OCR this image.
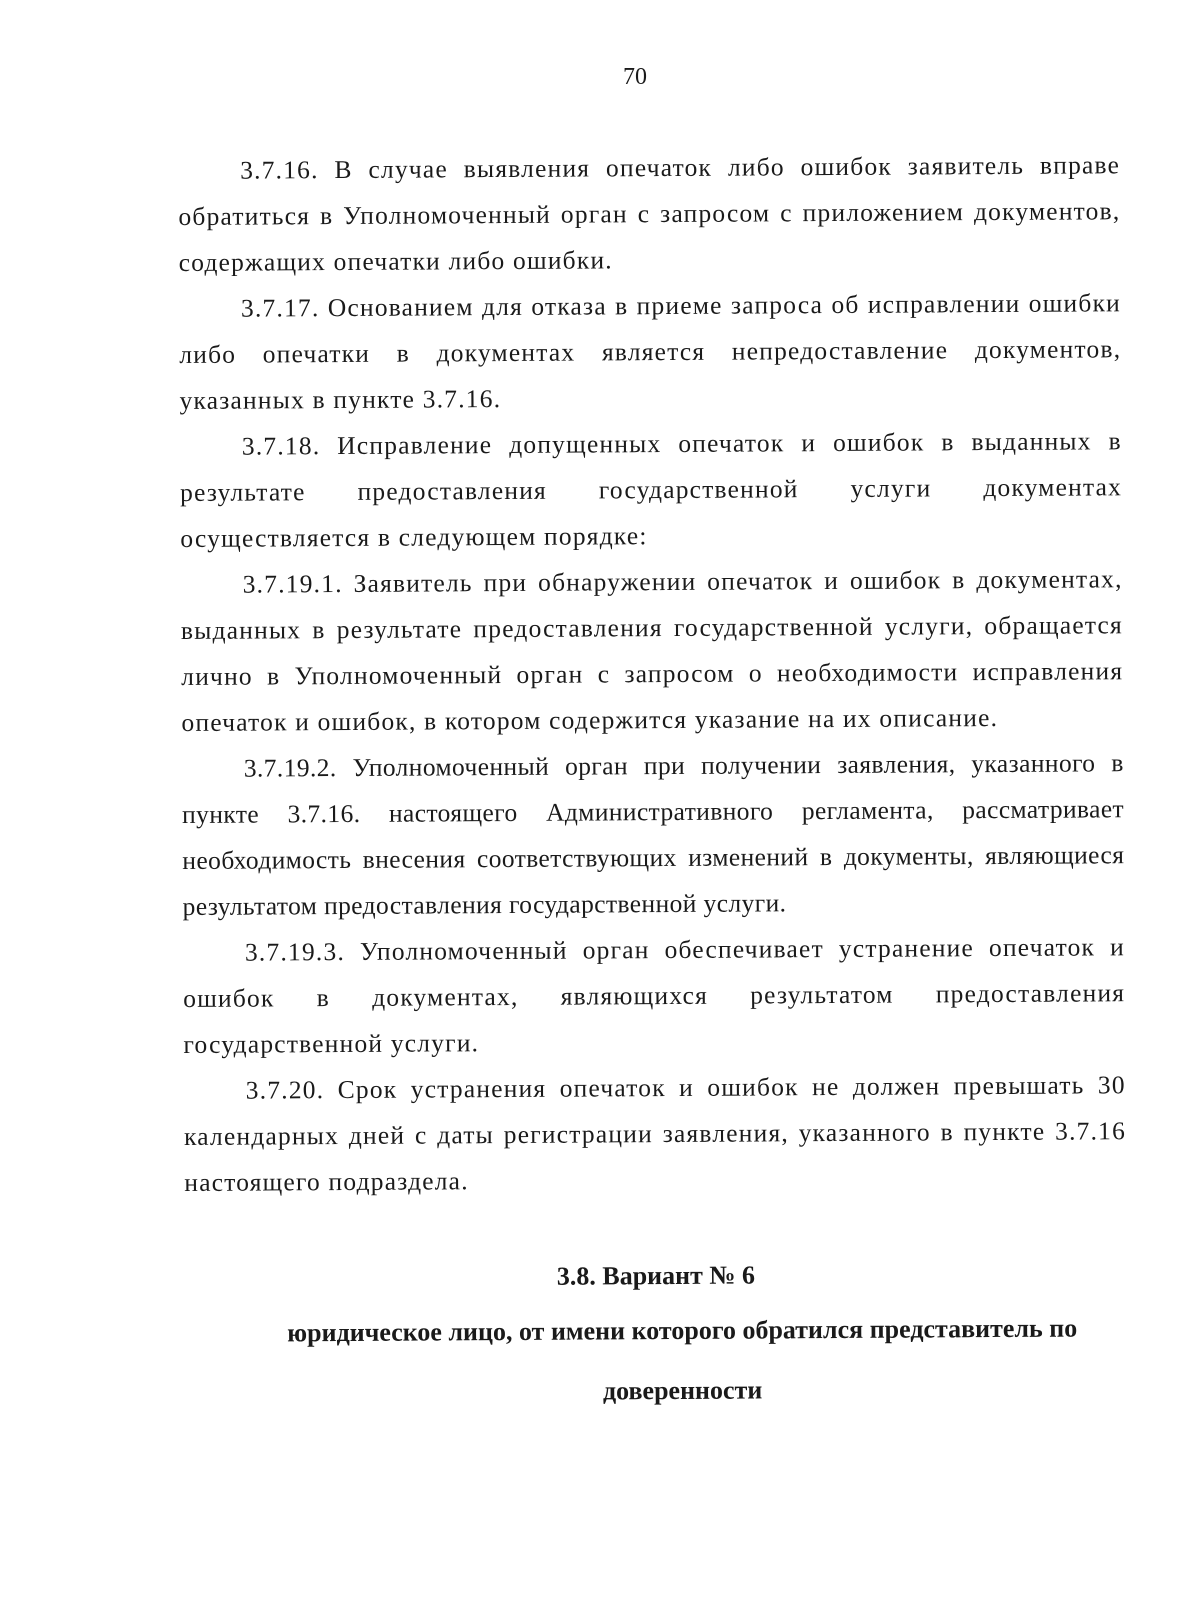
70

3.7.16. В случае выявления опечаток либо ошибок заявитель вправе обратиться в Уполномоченный орган с запросом с приложением документов, содержащих опечатки либо ошибки.

3.7.17. Основанием для отказа в приеме запроса об исправлении ошибки либо опечатки в документах является непредоставление документов, указанных в пункте 3.7.16.

3.7.18. Исправление допущенных опечаток и ошибок в выданных в результате предоставления государственной услуги документах осуществляется в следующем порядке:

3.7.19.1. Заявитель при обнаружении опечаток и ошибок в документах, выданных в результате предоставления государственной услуги, обращается лично в Уполномоченный орган с запросом о необходимости исправления опечаток и ошибок, в котором содержится указание на их описание.

3.7.19.2. Уполномоченный орган при получении заявления, указанного в пункте 3.7.16. настоящего Административного регламента, рассматривает необходимость внесения соответствующих изменений в документы, являющиеся результатом предоставления государственной услуги.

3.7.19.3. Уполномоченный орган обеспечивает устранение опечаток и ошибок в документах, являющихся результатом предоставления государственной услуги.

3.7.20. Срок устранения опечаток и ошибок не должен превышать 30 календарных дней с даты регистрации заявления, указанного в пункте 3.7.16 настоящего подраздела.

3.8. Вариант № 6
юридическое лицо, от имени которого обратился представитель по доверенности
